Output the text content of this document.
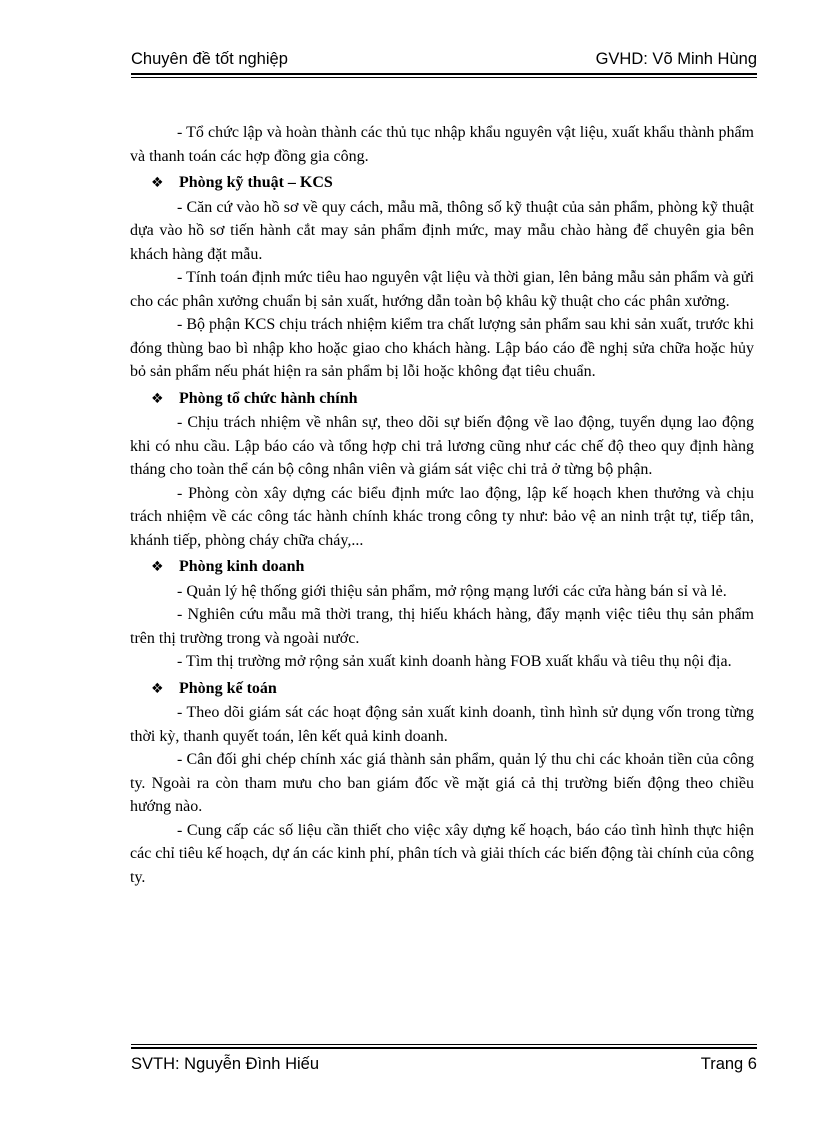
Chuyên đề tốt nghiệp	GVHD: Võ Minh Hùng

- Tổ chức lập và hoàn thành các thủ tục nhập khẩu nguyên vật liệu, xuất khẩu thành phẩm và thanh toán các hợp đồng gia công.

❖ Phòng kỹ thuật – KCS

- Căn cứ vào hồ sơ về quy cách, mẫu mã, thông số kỹ thuật của sản phẩm, phòng kỹ thuật dựa vào hồ sơ tiến hành cắt may sản phẩm định mức, may mẫu chào hàng để chuyên gia bên khách hàng đặt mẫu.

- Tính toán định mức tiêu hao nguyên vật liệu và thời gian, lên bảng mẫu sản phẩm và gửi cho các phân xưởng chuẩn bị sản xuất, hướng dẫn toàn bộ khâu kỹ thuật cho các phân xưởng.

- Bộ phận KCS chịu trách nhiệm kiểm tra chất lượng sản phẩm sau khi sản xuất, trước khi đóng thùng bao bì nhập kho hoặc giao cho khách hàng. Lập báo cáo đề nghị sửa chữa hoặc hủy bỏ sản phẩm nếu phát hiện ra sản phẩm bị lỗi hoặc không đạt tiêu chuẩn.

❖ Phòng tổ chức hành chính

- Chịu trách nhiệm về nhân sự, theo dõi sự biến động về lao động, tuyển dụng lao động khi có nhu cầu. Lập báo cáo và tổng hợp chi trả lương cũng như các chế độ theo quy định hàng tháng cho toàn thể cán bộ công nhân viên và giám sát việc chi trả ở từng bộ phận.

- Phòng còn xây dựng các biểu định mức lao động, lập kế hoạch khen thưởng và chịu trách nhiệm về các công tác hành chính khác trong công ty như: bảo vệ an ninh trật tự, tiếp tân, khánh tiếp, phòng cháy chữa cháy,...

❖ Phòng kinh doanh

- Quản lý hệ thống giới thiệu sản phẩm, mở rộng mạng lưới các cửa hàng bán sỉ và lẻ.

- Nghiên cứu mẫu mã thời trang, thị hiếu khách hàng, đẩy mạnh việc tiêu thụ sản phẩm trên thị trường trong và ngoài nước.

- Tìm thị trường mở rộng sản xuất kinh doanh hàng FOB xuất khẩu và tiêu thụ nội địa.

❖ Phòng kế toán

- Theo dõi giám sát các hoạt động sản xuất kinh doanh, tình hình sử dụng vốn trong từng thời kỳ, thanh quyết toán, lên kết quả kinh doanh.

- Cân đối ghi chép chính xác giá thành sản phẩm, quản lý thu chi các khoản tiền của công ty. Ngoài ra còn tham mưu cho ban giám đốc về mặt giá cả thị trường biến động theo chiều hướng nào.

- Cung cấp các số liệu cần thiết cho việc xây dựng kế hoạch, báo cáo tình hình thực hiện các chỉ tiêu kế hoạch, dự án các kinh phí, phân tích và giải thích các biến động tài chính của công ty.

SVTH: Nguyễn Đình Hiếu	Trang 6
